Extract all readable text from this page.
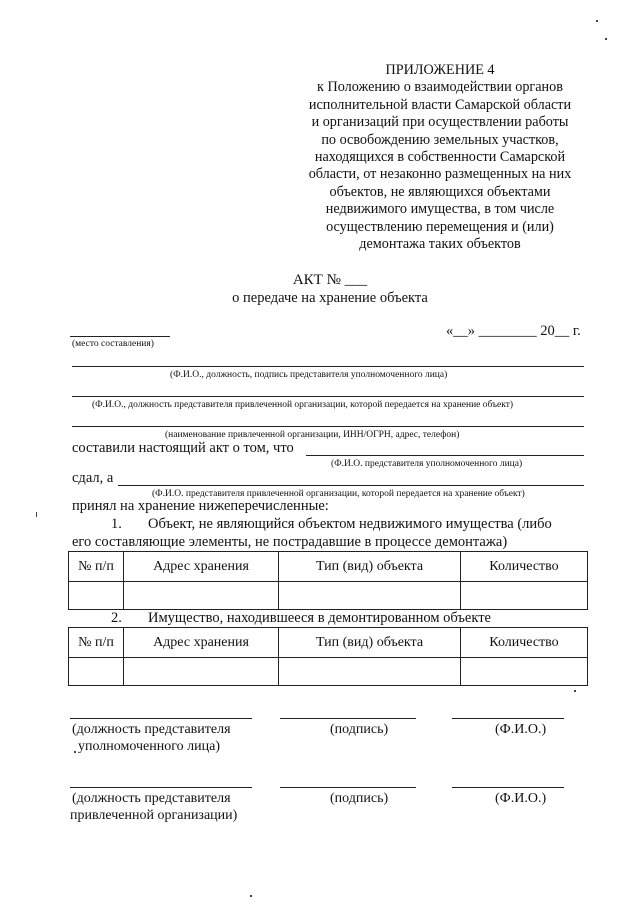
ПРИЛОЖЕНИЕ 4
к Положению о взаимодействии органов
исполнительной власти Самарской области
и организаций при осуществлении работы
по освобождению земельных участков,
находящихся в собственности Самарской
области, от незаконно размещенных на них
объектов, не являющихся объектами
недвижимого имущества, в том числе
осуществлению перемещения и (или)
демонтажа таких объектов
АКТ № ___
о передаче на хранение объекта
(место составления)
«__» ________ 20__ г.
(Ф.И.О., должность, подпись представителя уполномоченного лица)
(Ф.И.О., должность представителя привлеченной организации, которой передается на хранение объект)
(наименование привлеченной организации, ИНН/ОГРН, адрес, телефон)
составили настоящий акт о том, что
(Ф.И.О. представителя уполномоченного лица)
сдал, а
(Ф.И.О. представителя привлеченной организации, которой передается на хранение объект)
принял на хранение нижеперечисленные:
1. Объект, не являющийся объектом недвижимого имущества (либо
его составляющие элементы, не пострадавшие в процессе демонтажа)
№ п/п	Адрес хранения	Тип (вид) объекта	Количество

2. Имущество, находившееся в демонтированном объекте
№ п/п	Адрес хранения	Тип (вид) объекта	Количество

(должность представителя
уполномоченного лица)
(подпись)	(Ф.И.О.)
(должность представителя
привлеченной организации)
(подпись)	(Ф.И.О.)
